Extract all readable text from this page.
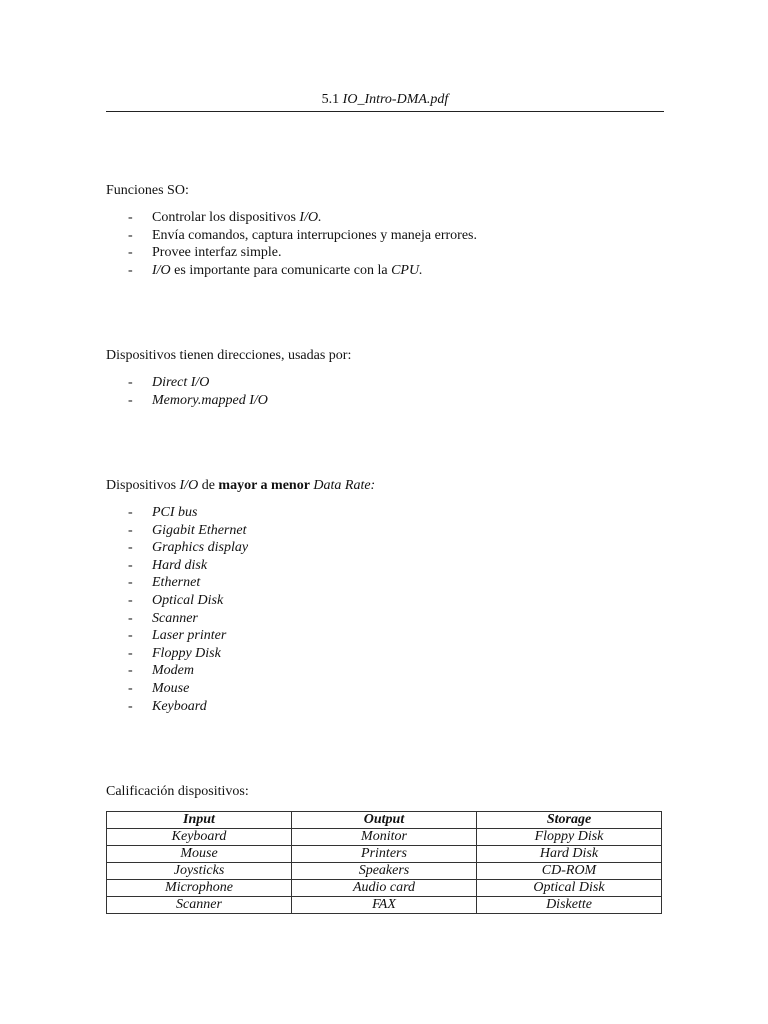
5.1 IO_Intro-DMA.pdf
Funciones SO:
-	Controlar los dispositivos I/O.
-	Envía comandos, captura interrupciones y maneja errores.
-	Provee interfaz simple.
-	I/O es importante para comunicarte con la CPU.
Dispositivos tienen direcciones, usadas por:
-	Direct I/O
-	Memory.mapped I/O
Dispositivos I/O de mayor a menor Data Rate:
-	PCI bus
-	Gigabit Ethernet
-	Graphics display
-	Hard disk
-	Ethernet
-	Optical Disk
-	Scanner
-	Laser printer
-	Floppy Disk
-	Modem
-	Mouse
-	Keyboard
Calificación dispositivos:
Input	Output	Storage
Keyboard	Monitor	Floppy Disk
Mouse	Printers	Hard Disk
Joysticks	Speakers	CD-ROM
Microphone	Audio card	Optical Disk
Scanner	FAX	Diskette
